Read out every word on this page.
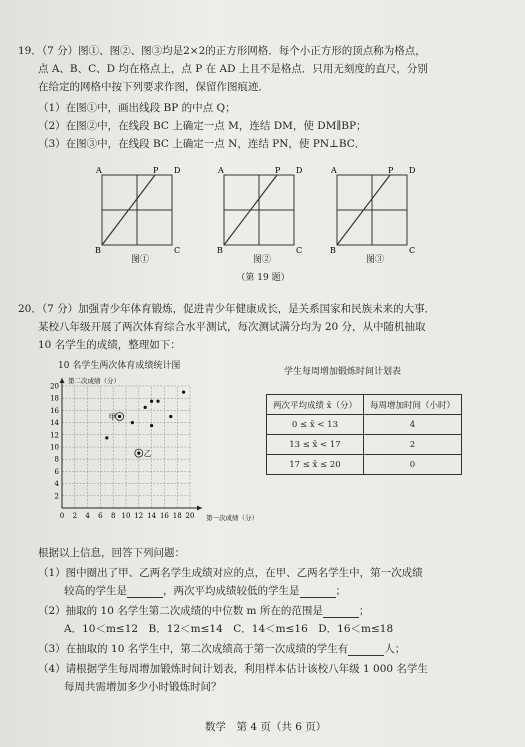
19．（7 分）图①、图②、图③均是2×2的正方形网格．每个小正方形的顶点称为格点，
点 A、B、C、D 均在格点上，点 P 在 AD 上且不是格点．只用无刻度的直尺，分别
在给定的网格中按下列要求作图，保留作图痕迹．
（1）在图①中，画出线段 BP 的中点 Q；
（2）在图②中，在线段 BC 上确定一点 M，连结 DM，使 DM∥BP；
（3）在图③中，在线段 BC 上确定一点 N，连结 PN，使 PN⊥BC．
A	P D
B	C
A	P D
B	C
A	P D
B	C
图①	图②	图③
（第 19 题）
20．（7 分）加强青少年体育锻炼，促进青少年健康成长，是关系国家和民族未来的大事．
某校八年级开展了两次体育综合水平测试，每次测试满分均为 20 分，从中随机抽取
10 名学生的成绩，整理如下：
10 名学生两次体育成绩统计图
学生每周增加锻炼时间计划表
0 2
2
4
4
6
6
8
8
10
10
12
12
14
14
16
16
18
18
20
20
第二次成绩（分）
第一次成绩（分）
甲
乙
两次平均成绩 x̄（分）	每周增加时间（小时）
0 ≤ x̄ < 13	4
13 ≤ x̄ < 17	2
17 ≤ x̄ ≤ 20	0
根据以上信息，回答下列问题：
（1）图中圈出了甲、乙两名学生成绩对应的点，在甲、乙两名学生中，第一次成绩
较高的学生是	，两次平均成绩较低的学生是	；
（2）抽取的 10 名学生第二次成绩的中位数 m 所在的范围是	；
A．10＜m≤12　B．12＜m≤14　C．14＜m≤16　D．16＜m≤18
（3）在抽取的 10 名学生中，第二次成绩高于第一次成绩的学生有	人；
（4）请根据学生每周增加锻炼时间计划表，利用样本估计该校八年级 1 000 名学生
每周共需增加多少小时锻炼时间？
数学　第 4 页（共 6 页）
